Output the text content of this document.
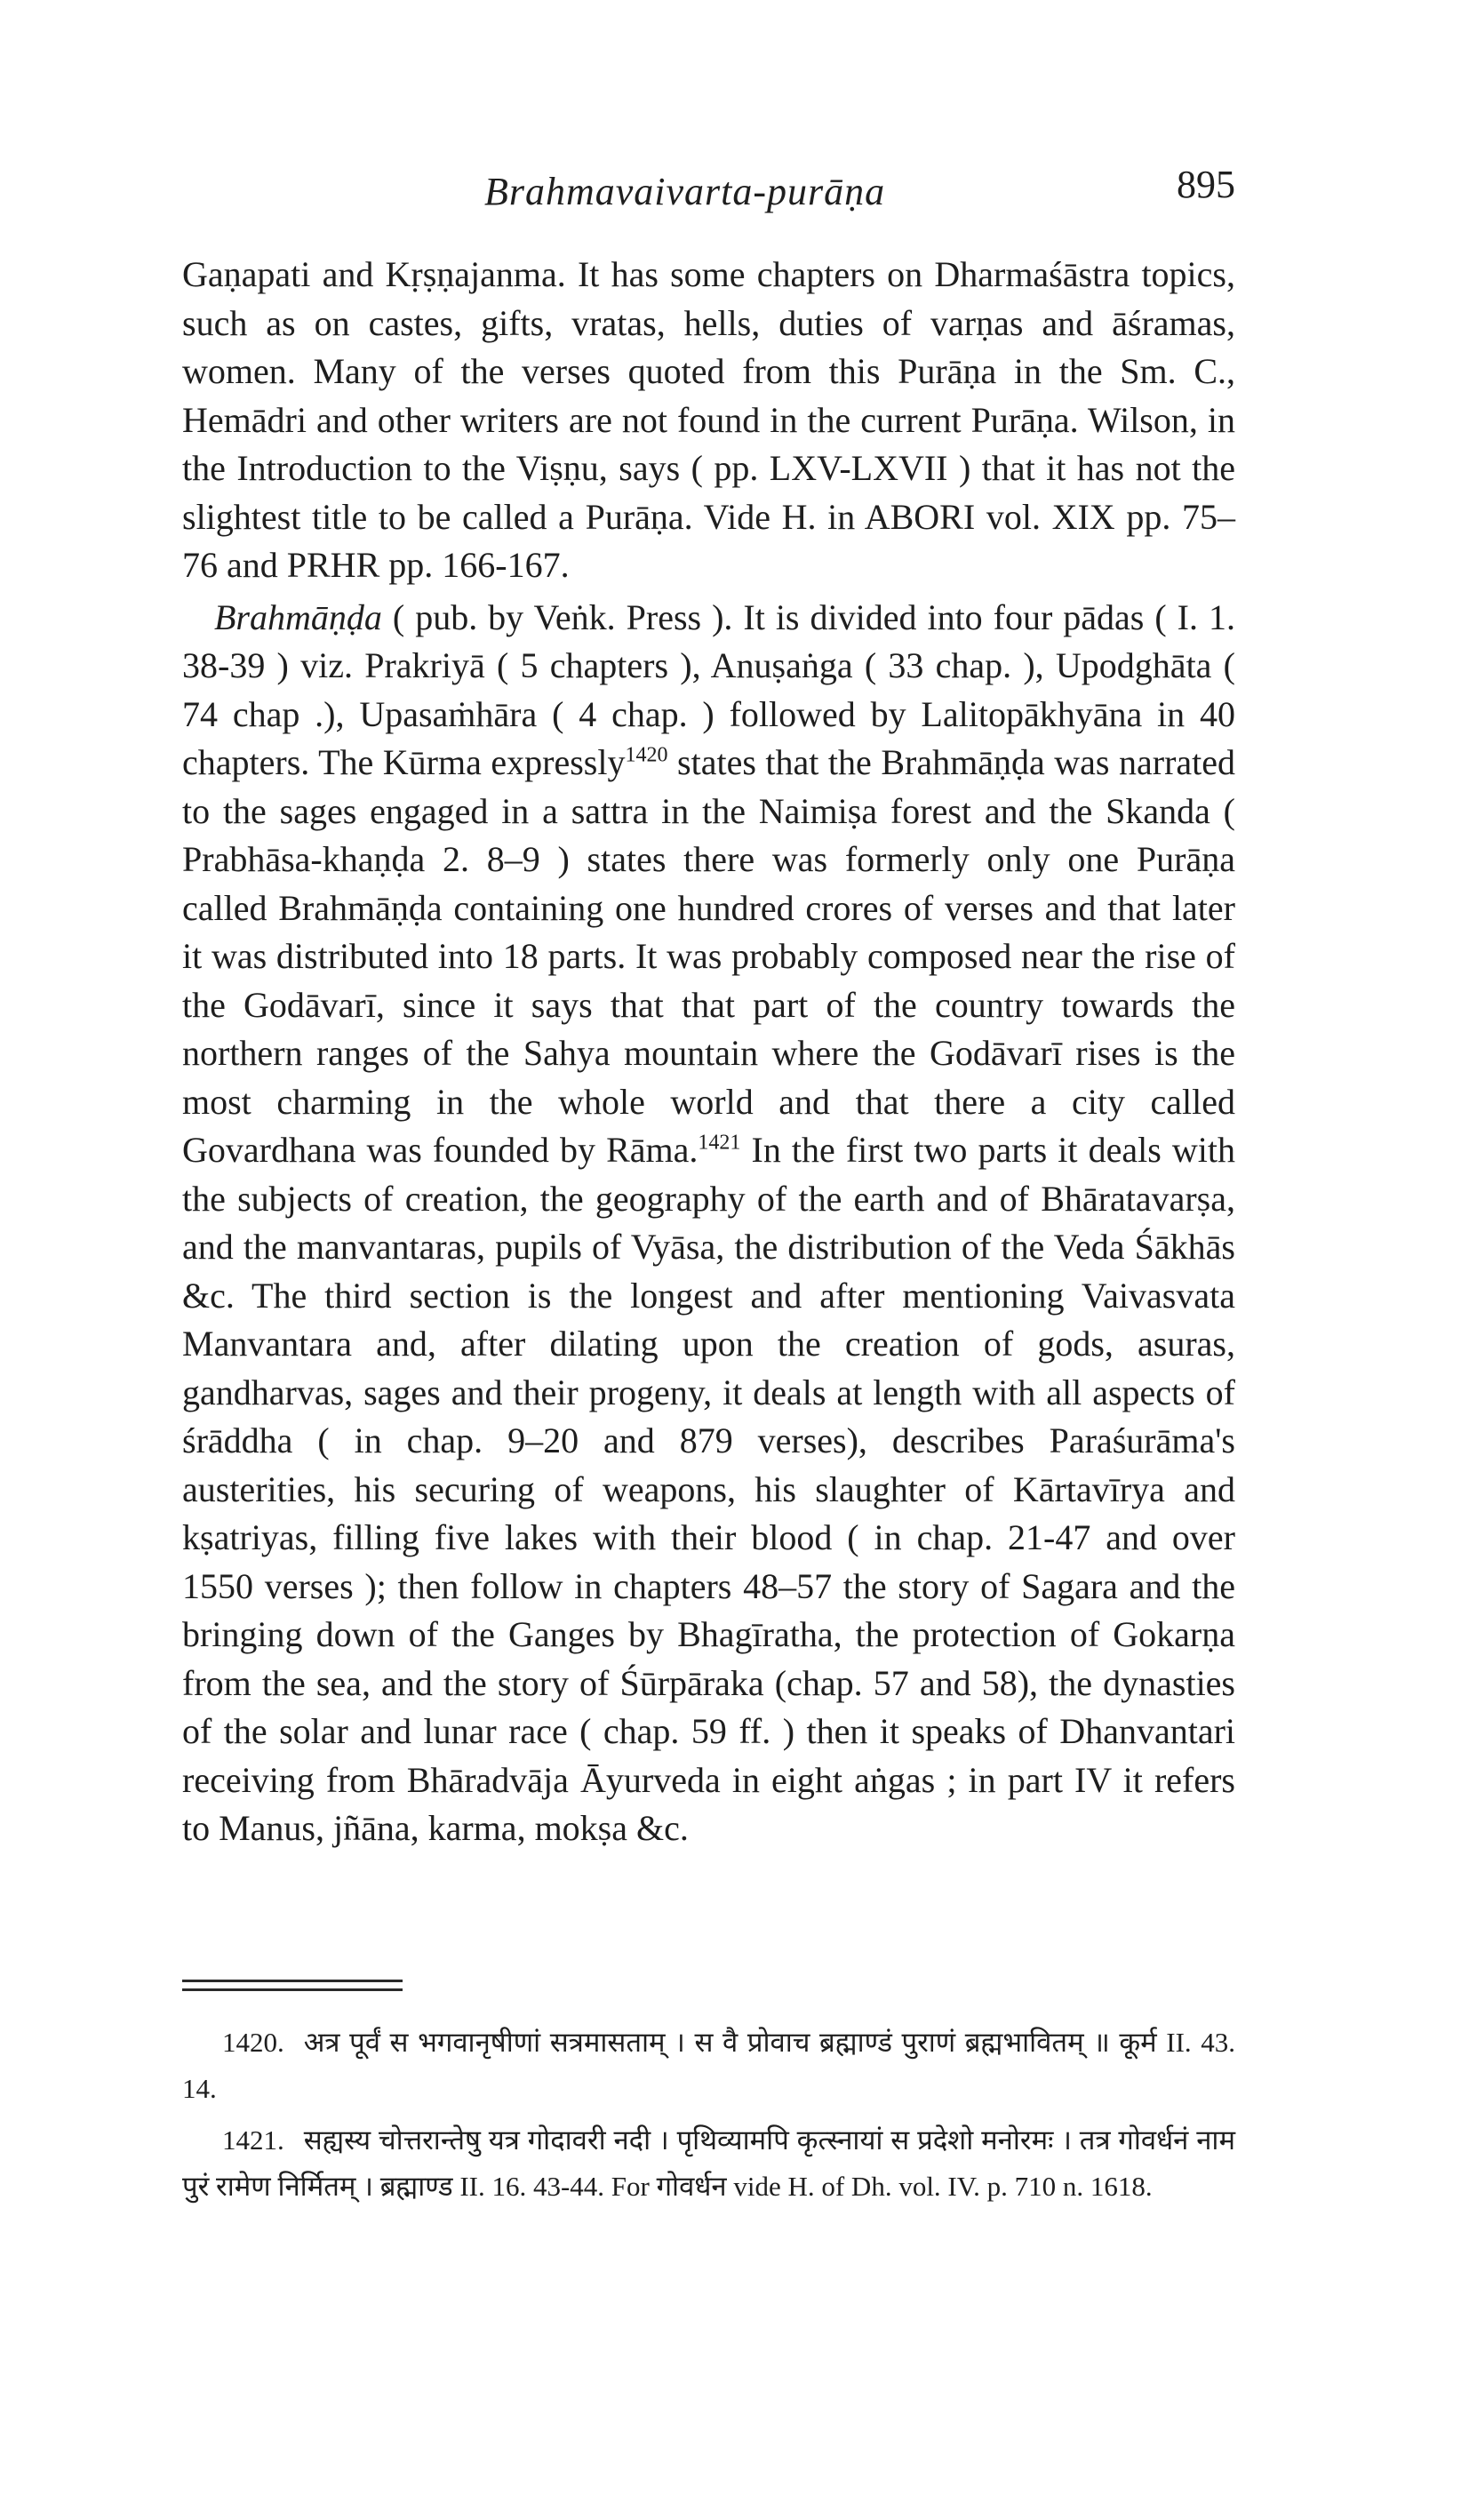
Brahmavaivarta-purāṇa	895

Gaṇapati and Kṛṣṇajanma. It has some chapters on Dharmaśāstra topics, such as on castes, gifts, vratas, hells, duties of varṇas and āśramas, women. Many of the verses quoted from this Purāṇa in the Sm. C., Hemādri and other writers are not found in the current Purāṇa. Wilson, in the Introduction to the Viṣṇu, says ( pp. LXV-LXVII ) that it has not the slightest title to be called a Purāṇa. Vide H. in ABORI vol. XIX pp. 75–76 and PRHR pp. 166-167.

Brahmāṇḍa ( pub. by Veṅk. Press ). It is divided into four pādas ( I. 1. 38-39 ) viz. Prakriyā ( 5 chapters ), Anuṣaṅga ( 33 chap. ), Upodghāta ( 74 chap .), Upasaṁhāra ( 4 chap. ) followed by Lalitopākhyāna in 40 chapters. The Kūrma expressly$^{1420}$ states that the Brahmāṇḍa was narrated to the sages engaged in a sattra in the Naimiṣa forest and the Skanda ( Prabhāsa-khaṇḍa 2. 8–9 ) states there was formerly only one Purāṇa called Brahmāṇḍa containing one hundred crores of verses and that later it was distributed into 18 parts. It was probably composed near the rise of the Godāvarī, since it says that that part of the country towards the northern ranges of the Sahya mountain where the Godāvarī rises is the most charming in the whole world and that there a city called Govardhana was founded by Rāma.$^{1421}$ In the first two parts it deals with the subjects of creation, the geography of the earth and of Bhāratavarṣa, and the manvantaras, pupils of Vyāsa, the distribution of the Veda Śākhās &c. The third section is the longest and after mentioning Vaivasvata Manvantara and, after dilating upon the creation of gods, asuras, gandharvas, sages and their progeny, it deals at length with all aspects of śrāddha ( in chap. 9–20 and 879 verses), describes Paraśurāma's austerities, his securing of weapons, his slaughter of Kārtavīrya and kṣatriyas, filling five lakes with their blood ( in chap. 21-47 and over 1550 verses ); then follow in chapters 48–57 the story of Sagara and the bringing down of the Ganges by Bhagīratha, the protection of Gokarṇa from the sea, and the story of Śūrpāraka (chap. 57 and 58), the dynasties of the solar and lunar race ( chap. 59 ff. ) then it speaks of Dhanvantari receiving from Bhāradvāja Āyurveda in eight aṅgas ; in part IV it refers to Manus, jñāna, karma, mokṣa &c.

1420. अत्र पूर्वं स भगवानृषीणां सत्रमासताम् । स वै प्रोवाच ब्रह्माण्डं पुराणं ब्रह्मभावितम् ॥ कूर्म II. 43. 14.

1421. सह्यस्य चोत्तरान्तेषु यत्र गोदावरी नदी । पृथिव्यामपि कृत्स्नायां स प्रदेशो मनोरमः । तत्र गोवर्धनं नाम पुरं रामेण निर्मितम् । ब्रह्माण्ड II. 16. 43-44. For गोवर्धन vide H. of Dh. vol. IV. p. 710 n. 1618.
